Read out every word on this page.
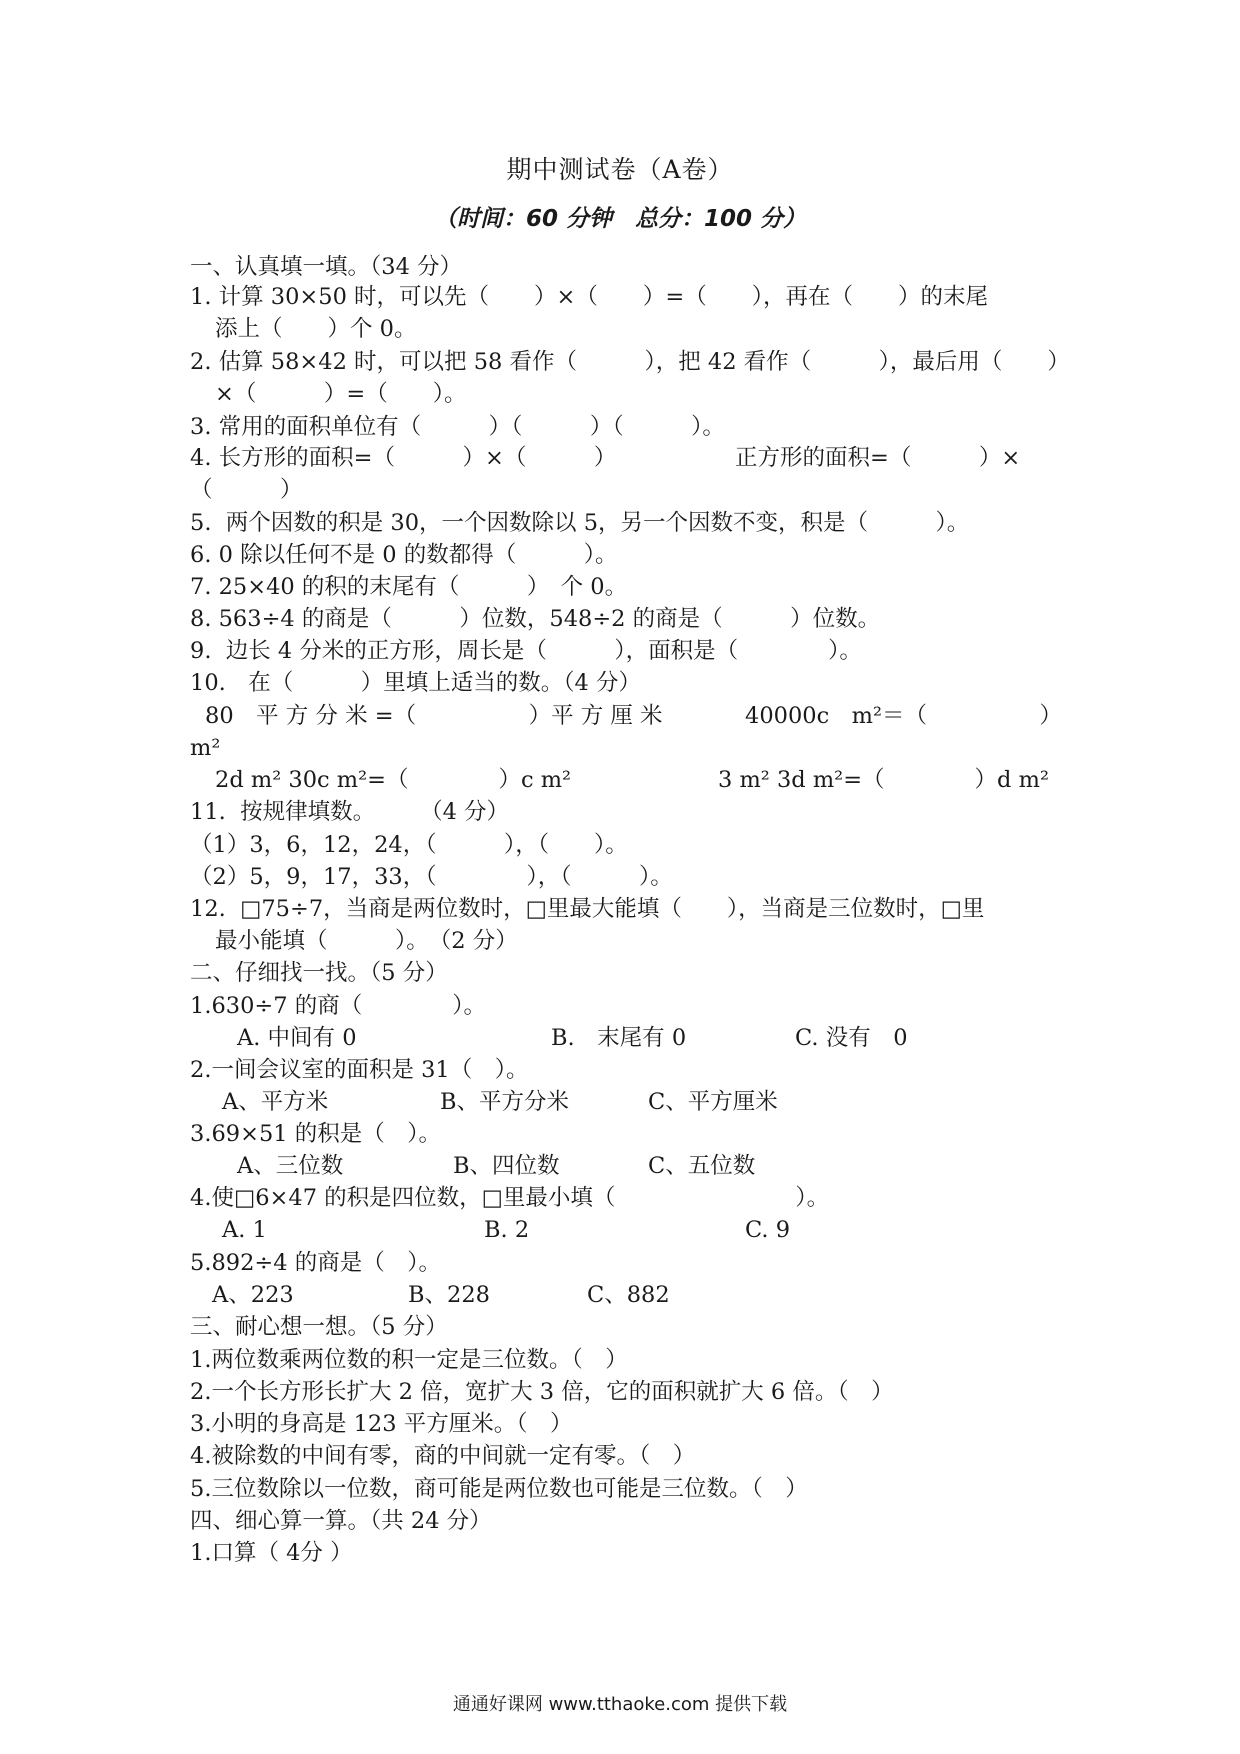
期中测试卷（A卷）
（时间：60 分钟　总分：100 分）
一、认真填一填。（34 分）
1. 计算 30×50 时，可以先（　　）×（　　）=（　　），再在（　　）的末尾
添上（　　）个 0。
2. 估算 58×42 时，可以把 58 看作（　　　），把 42 看作（　　　），最后用（　　）
×（　　　）=（　　）。
3. 常用的面积单位有（　　　）（　　　）（　　　）。
4. 长方形的面积=（　　　）×（　　　）	正方形的面积=（　　　）×
（　　　）
5.  两个因数的积是 30，一个因数除以 5，另一个因数不变，积是（　　　）。
6. 0 除以任何不是 0 的数都得（　　　）。
7. 25×40 的积的末尾有（　　　）　个 0。
8. 563÷4 的商是（　　　）位数，548÷2 的商是（　　　）位数。
9.  边长 4 分米的正方形，周长是（　　　），面积是（　　　　）。
10.　在（　　　）里填上适当的数。（4 分）
80　平 方 分 米 =（　　　　　）平 方 厘 米	40000c　m²＝（　　　　　）
m²
2d m² 30c m²=（　　　　）c m²	3 m² 3d m²=（　　　　）d m²
11.  按规律填数。　　　（4 分）
（1）3，6，12，24，（　　　），（　　）。
（2）5，9，17，33，（　　　　），（　　　）。
12.  □75÷7，当商是两位数时，□里最大能填（　　），当商是三位数时，□里
最小能填（　　　）。　（2 分）
二、仔细找一找。（5 分）
1.630÷7 的商（　　　　）。
A. 中间有 0	B.　末尾有 0	C. 没有　0
2.一间会议室的面积是 31（　）。
A、平方米	B、平方分米	C、平方厘米
3.69×51 的积是（　）。
A、三位数	B、四位数	C、五位数
4.使□6×47 的积是四位数，□里最小填（　　　　　　　　）。
A. 1	B. 2	C. 9
5.892÷4 的商是（　）。
A、223	B、228	C、882
三、耐心想一想。（5 分）
1.两位数乘两位数的积一定是三位数。（　）
2.一个长方形长扩大 2 倍，宽扩大 3 倍，它的面积就扩大 6 倍。（　）
3.小明的身高是 123 平方厘米。（　）
4.被除数的中间有零，商的中间就一定有零。（　）
5.三位数除以一位数，商可能是两位数也可能是三位数。（　）
四、细心算一算。（共 24 分）
1.口算（ 4分 ）
通通好课网 www.tthaoke.com 提供下载
